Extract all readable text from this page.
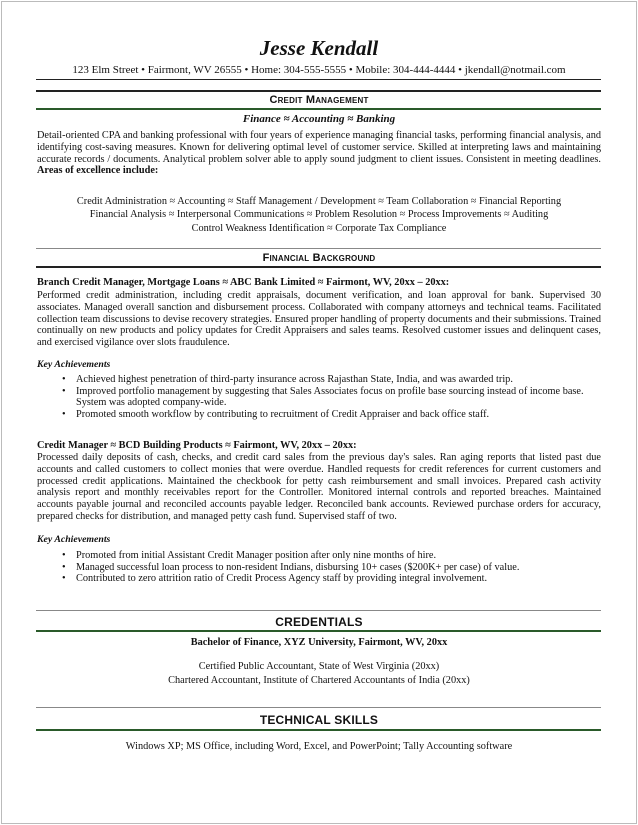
Jesse Kendall
123 Elm Street • Fairmont, WV 26555 • Home: 304-555-5555 • Mobile: 304-444-4444 • jkendall@notmail.com
Credit Management
Finance ≈ Accounting ≈ Banking
Detail-oriented CPA and banking professional with four years of experience managing financial tasks, performing financial analysis, and identifying cost-saving measures. Known for delivering optimal level of customer service. Skilled at interpreting laws and maintaining accurate records / documents. Analytical problem solver able to apply sound judgment to client issues. Consistent in meeting deadlines. Areas of excellence include:
Credit Administration ≈ Accounting ≈ Staff Management / Development ≈ Team Collaboration ≈ Financial Reporting
Financial Analysis ≈ Interpersonal Communications ≈ Problem Resolution ≈ Process Improvements ≈ Auditing
Control Weakness Identification ≈ Corporate Tax Compliance
Financial Background
Branch Credit Manager, Mortgage Loans ≈ ABC Bank Limited ≈ Fairmont, WV, 20xx – 20xx:
Performed credit administration, including credit appraisals, document verification, and loan approval for bank. Supervised 30 associates. Managed overall sanction and disbursement process. Collaborated with company attorneys and technical teams. Facilitated collection team discussions to devise recovery strategies. Ensured proper handling of property documents and their submissions. Trained continually on new products and policy updates for Credit Appraisers and sales teams. Resolved customer issues and delinquent cases, and exercised vigilance over slots fraudulence.
Key Achievements
• Achieved highest penetration of third-party insurance across Rajasthan State, India, and was awarded trip.
• Improved portfolio management by suggesting that Sales Associates focus on profile base sourcing instead of income base. System was adopted company-wide.
• Promoted smooth workflow by contributing to recruitment of Credit Appraiser and back office staff.
Credit Manager ≈ BCD Building Products ≈ Fairmont, WV, 20xx – 20xx:
Processed daily deposits of cash, checks, and credit card sales from the previous day's sales. Ran aging reports that listed past due accounts and called customers to collect monies that were overdue. Handled requests for credit references for current customers and processed credit applications. Maintained the checkbook for petty cash reimbursement and small invoices. Prepared cash activity analysis report and monthly receivables report for the Controller. Monitored internal controls and reported breaches. Maintained accounts payable journal and reconciled accounts payable ledger. Reconciled bank accounts. Reviewed purchase orders for accuracy, prepared checks for distribution, and managed petty cash fund. Supervised staff of two.
Key Achievements
• Promoted from initial Assistant Credit Manager position after only nine months of hire.
• Managed successful loan process to non-resident Indians, disbursing 10+ cases ($200K+ per case) of value.
• Contributed to zero attrition ratio of Credit Process Agency staff by providing integral involvement.
CREDENTIALS
Bachelor of Finance, XYZ University, Fairmont, WV, 20xx
Certified Public Accountant, State of West Virginia (20xx)
Chartered Accountant, Institute of Chartered Accountants of India (20xx)
TECHNICAL SKILLS
Windows XP; MS Office, including Word, Excel, and PowerPoint; Tally Accounting software
